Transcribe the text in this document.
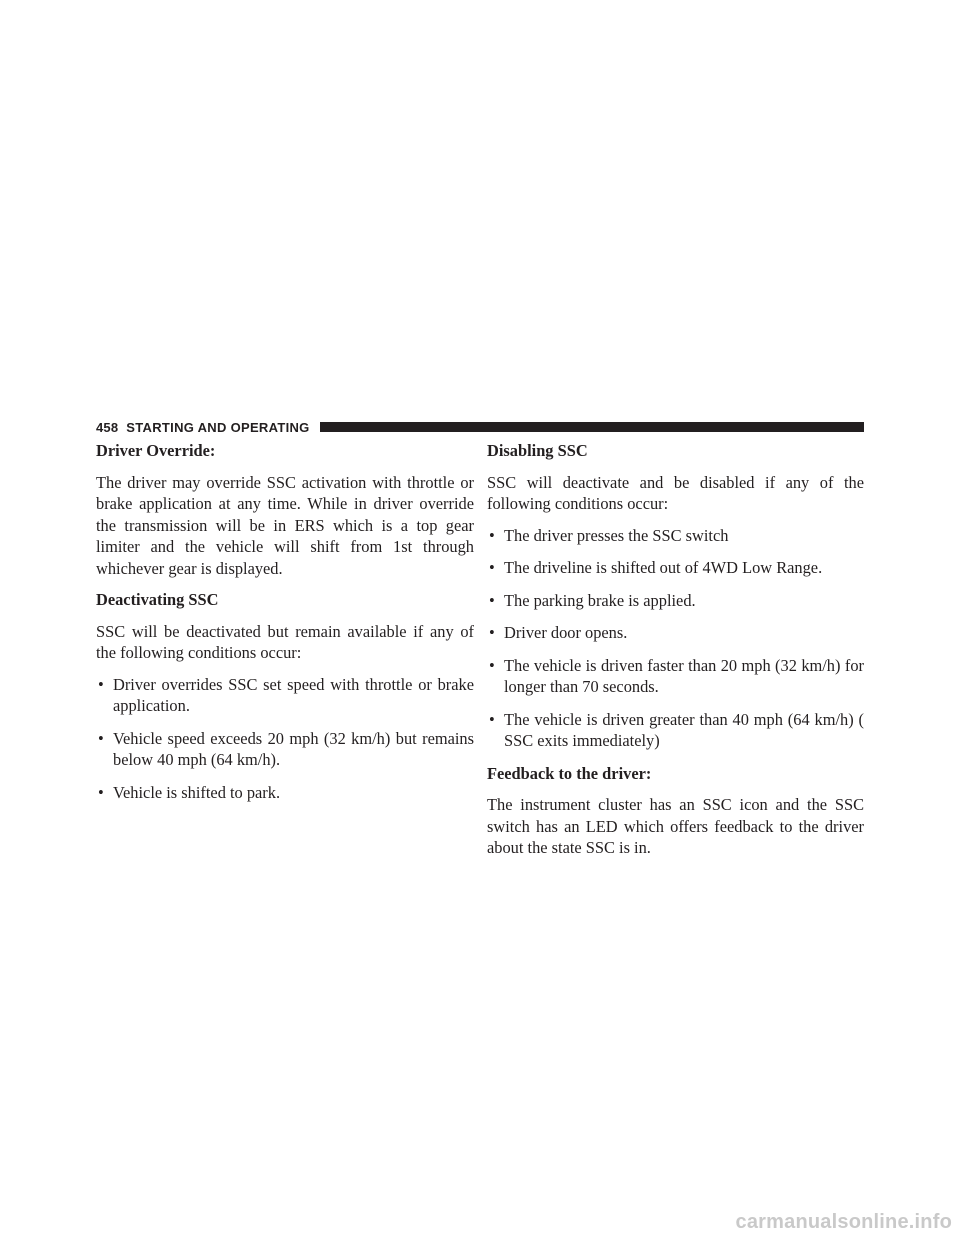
458 STARTING AND OPERATING
Driver Override:

The driver may override SSC activation with throttle or brake application at any time. While in driver override the transmission will be in ERS which is a top gear limiter and the vehicle will shift from 1st through whichever gear is displayed.

Deactivating SSC

SSC will be deactivated but remain available if any of the following conditions occur:

• Driver overrides SSC set speed with throttle or brake application.
• Vehicle speed exceeds 20 mph (32 km/h) but remains below 40 mph (64 km/h).
• Vehicle is shifted to park.
Disabling SSC

SSC will deactivate and be disabled if any of the following conditions occur:

• The driver presses the SSC switch
• The driveline is shifted out of 4WD Low Range.
• The parking brake is applied.
• Driver door opens.
• The vehicle is driven faster than 20 mph (32 km/h) for longer than 70 seconds.
• The vehicle is driven greater than 40 mph (64 km/h) ( SSC exits immediately)
Feedback to the driver:

The instrument cluster has an SSC icon and the SSC switch has an LED which offers feedback to the driver about the state SSC is in.

carmanualsonline.info
